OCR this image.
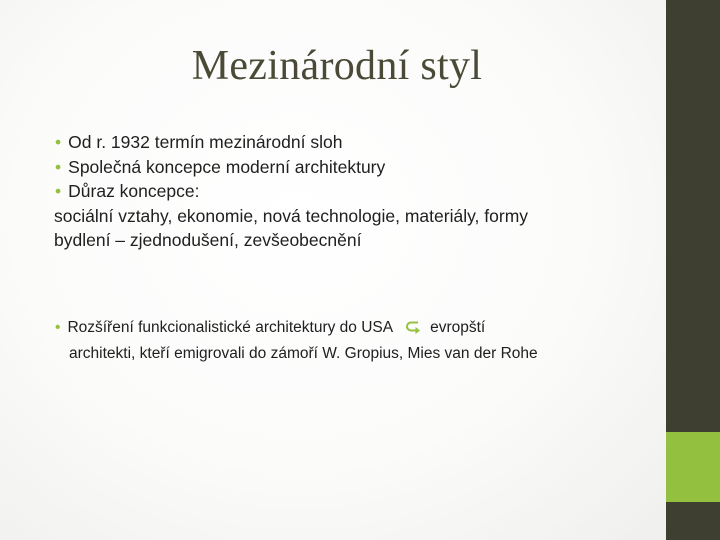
Mezinárodní styl

• Od r. 1932 termín mezinárodní sloh

• Společná koncepce moderní architektury

• Důraz koncepce:

sociální vztahy, ekonomie, nová technologie, materiály, formy

bydlení – zjednodušení, zevšeobecnění

• Rozšíření funkcionalistické architektury do USA evropští

architekti, kteří emigrovali do zámoří W. Gropius, Mies van der Rohe
